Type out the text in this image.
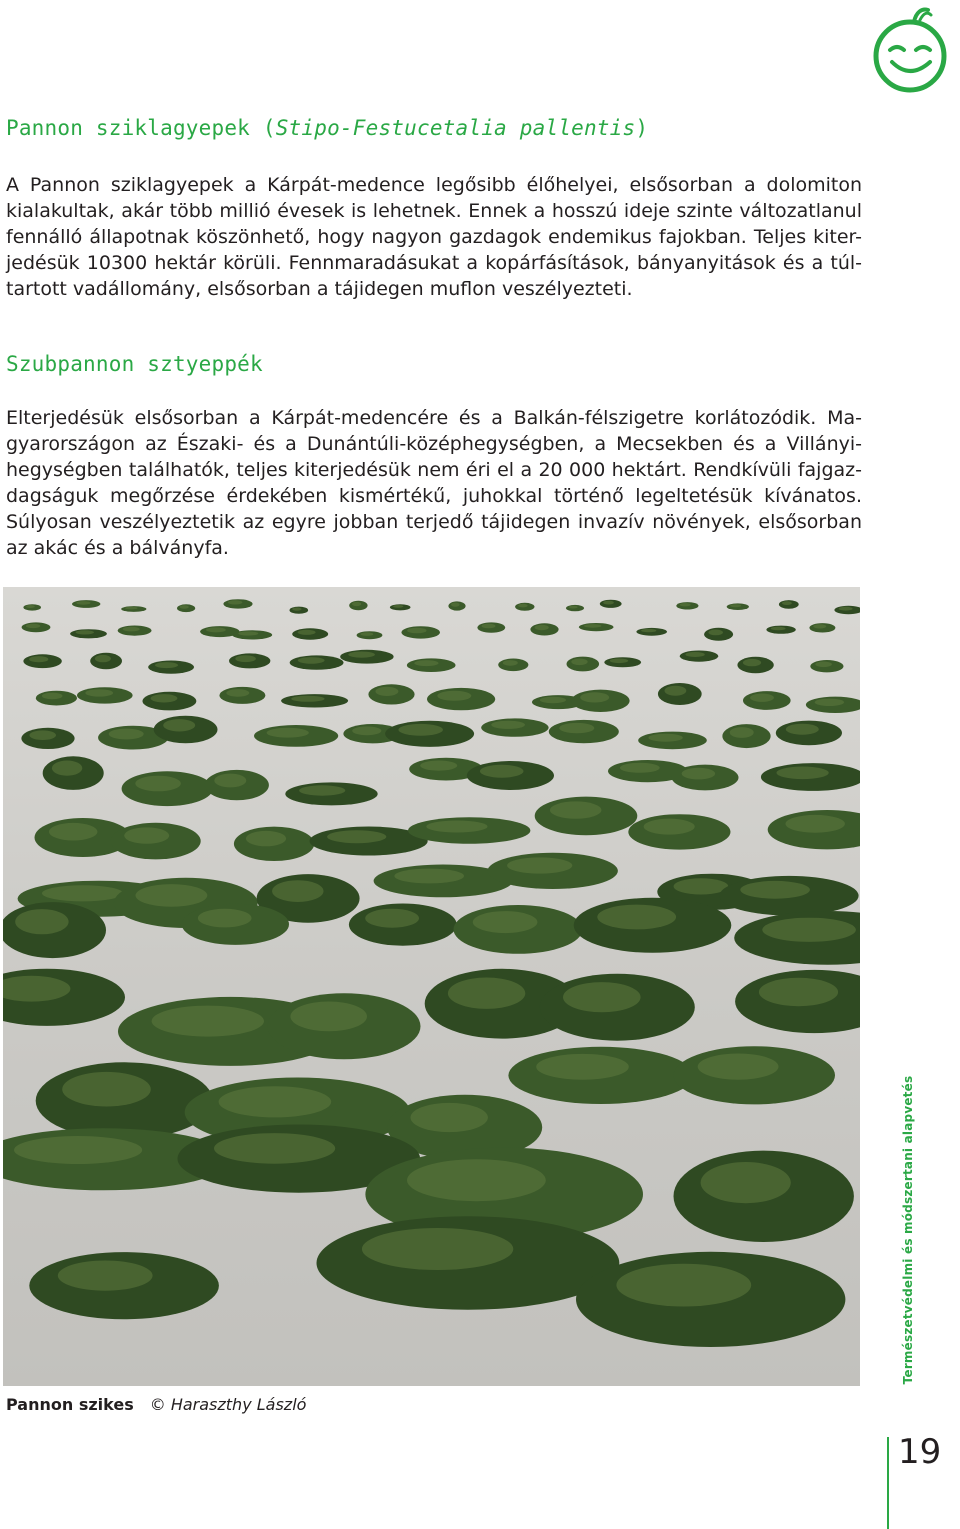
Pannon sziklagyepek (Stipo-Festucetalia pallentis)
A Pannon sziklagyepek a Kárpát-medence legősibb élőhelyei, elsősorban a dolomiton
kialakultak, akár több millió évesek is lehetnek. Ennek a hosszú ideje szinte változatlanul
fennálló állapotnak köszönhető, hogy nagyon gazdagok endemikus fajokban. Teljes kiter-
jedésük 10300 hektár körüli. Fennmaradásukat a kopárfásítások, bányanyitások és a túl-
tartott vadállomány, elsősorban a tájidegen muflon veszélyezteti.
Szubpannon sztyeppék
Elterjedésük elsősorban a Kárpát-medencére és a Balkán-félszigetre korlátozódik. Ma-
gyarországon az Északi- és a Dunántúli-középhegységben, a Mecsekben és a Villányi-
hegységben találhatók, teljes kiterjedésük nem éri el a 20 000 hektárt. Rendkívüli fajgaz-
dagságuk megőrzése érdekében kismértékű, juhokkal történő legeltetésük kívánatos.
Súlyosan veszélyeztetik az egyre jobban terjedő tájidegen invazív növények, elsősorban
az akác és a bálványfa.
Pannon szikes © Haraszthy László
Természetvédelmi és módszertani alapvetés
19
